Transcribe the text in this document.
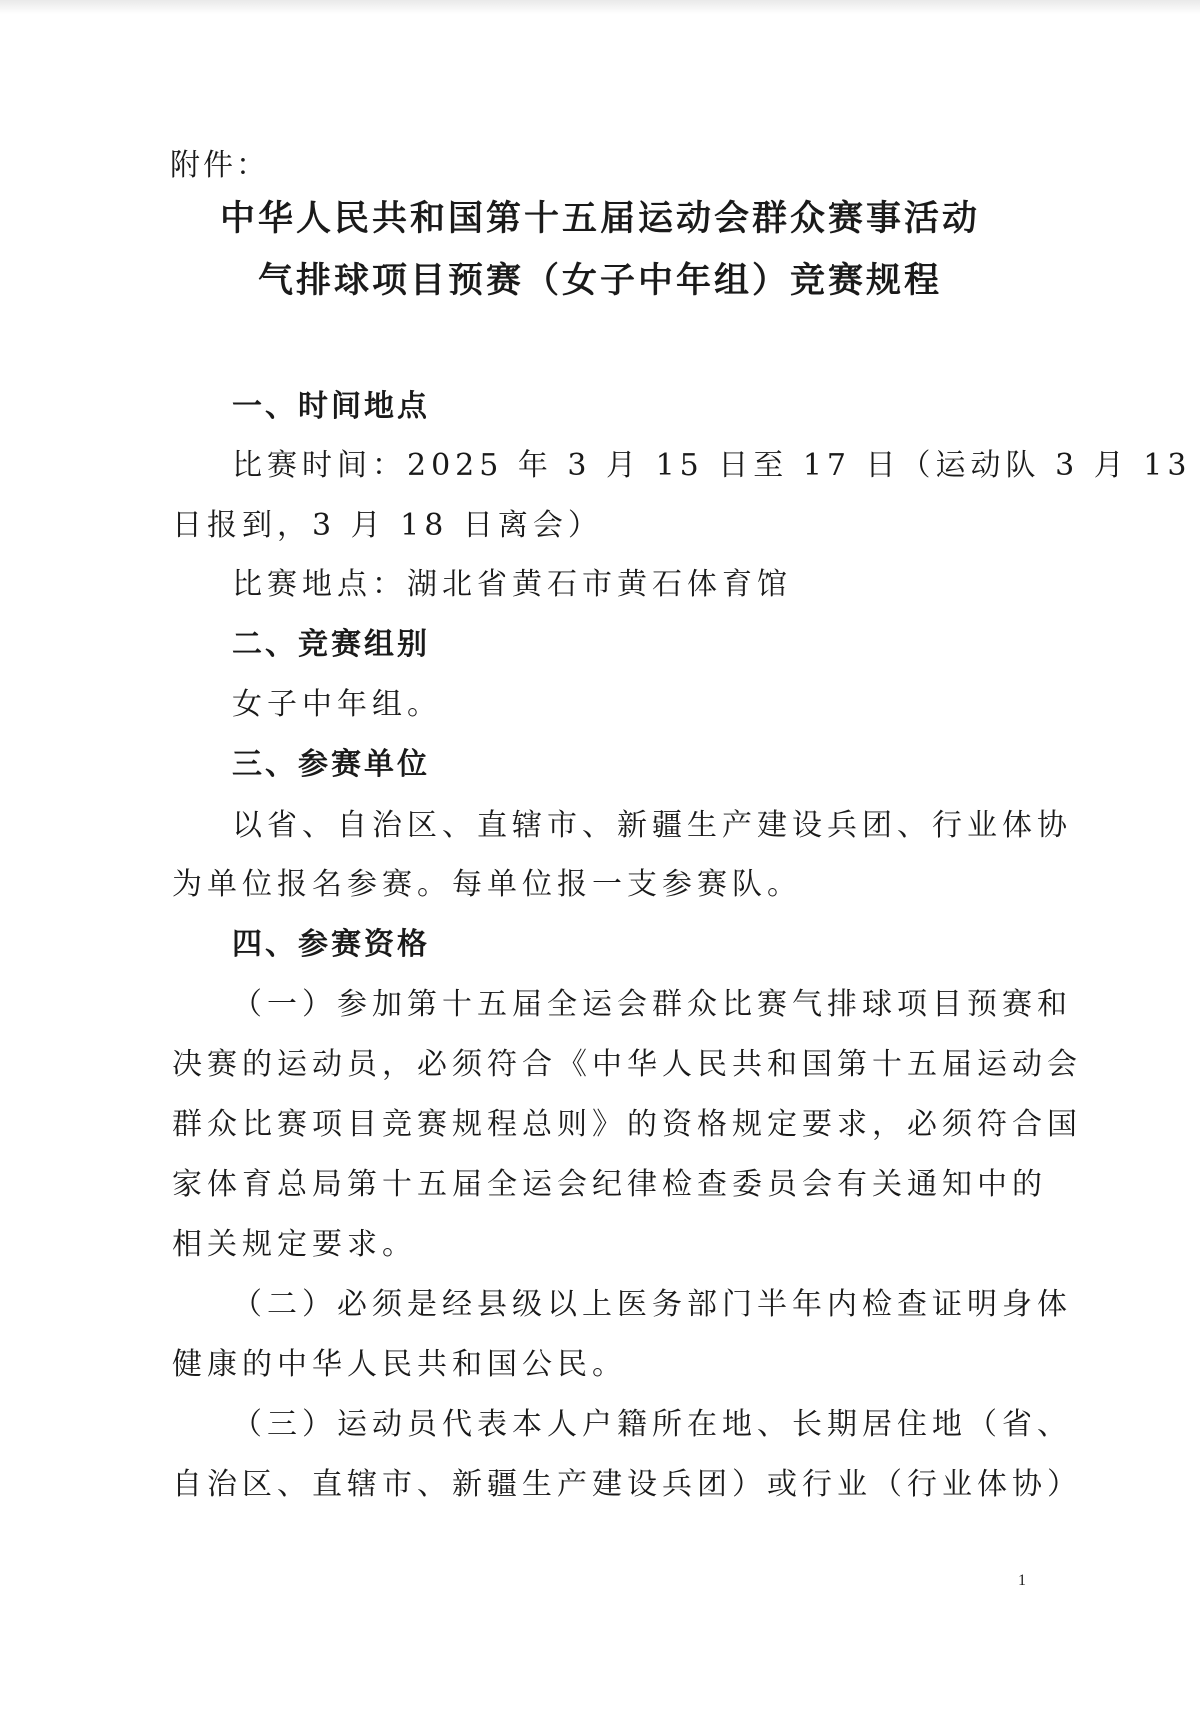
附件：
中华人民共和国第十五届运动会群众赛事活动
气排球项目预赛（女子中年组）竞赛规程
一、时间地点
比赛时间：2025 年 3 月 15 日至 17 日（运动队 3 月 13
日报到，3 月 18 日离会）
比赛地点：湖北省黄石市黄石体育馆
二、竞赛组别
女子中年组。
三、参赛单位
以省、自治区、直辖市、新疆生产建设兵团、行业体协
为单位报名参赛。每单位报一支参赛队。
四、参赛资格
（一）参加第十五届全运会群众比赛气排球项目预赛和
决赛的运动员，必须符合《中华人民共和国第十五届运动会
群众比赛项目竞赛规程总则》的资格规定要求，必须符合国
家体育总局第十五届全运会纪律检查委员会有关通知中的
相关规定要求。
（二）必须是经县级以上医务部门半年内检查证明身体
健康的中华人民共和国公民。
（三）运动员代表本人户籍所在地、长期居住地（省、
自治区、直辖市、新疆生产建设兵团）或行业（行业体协）
1
